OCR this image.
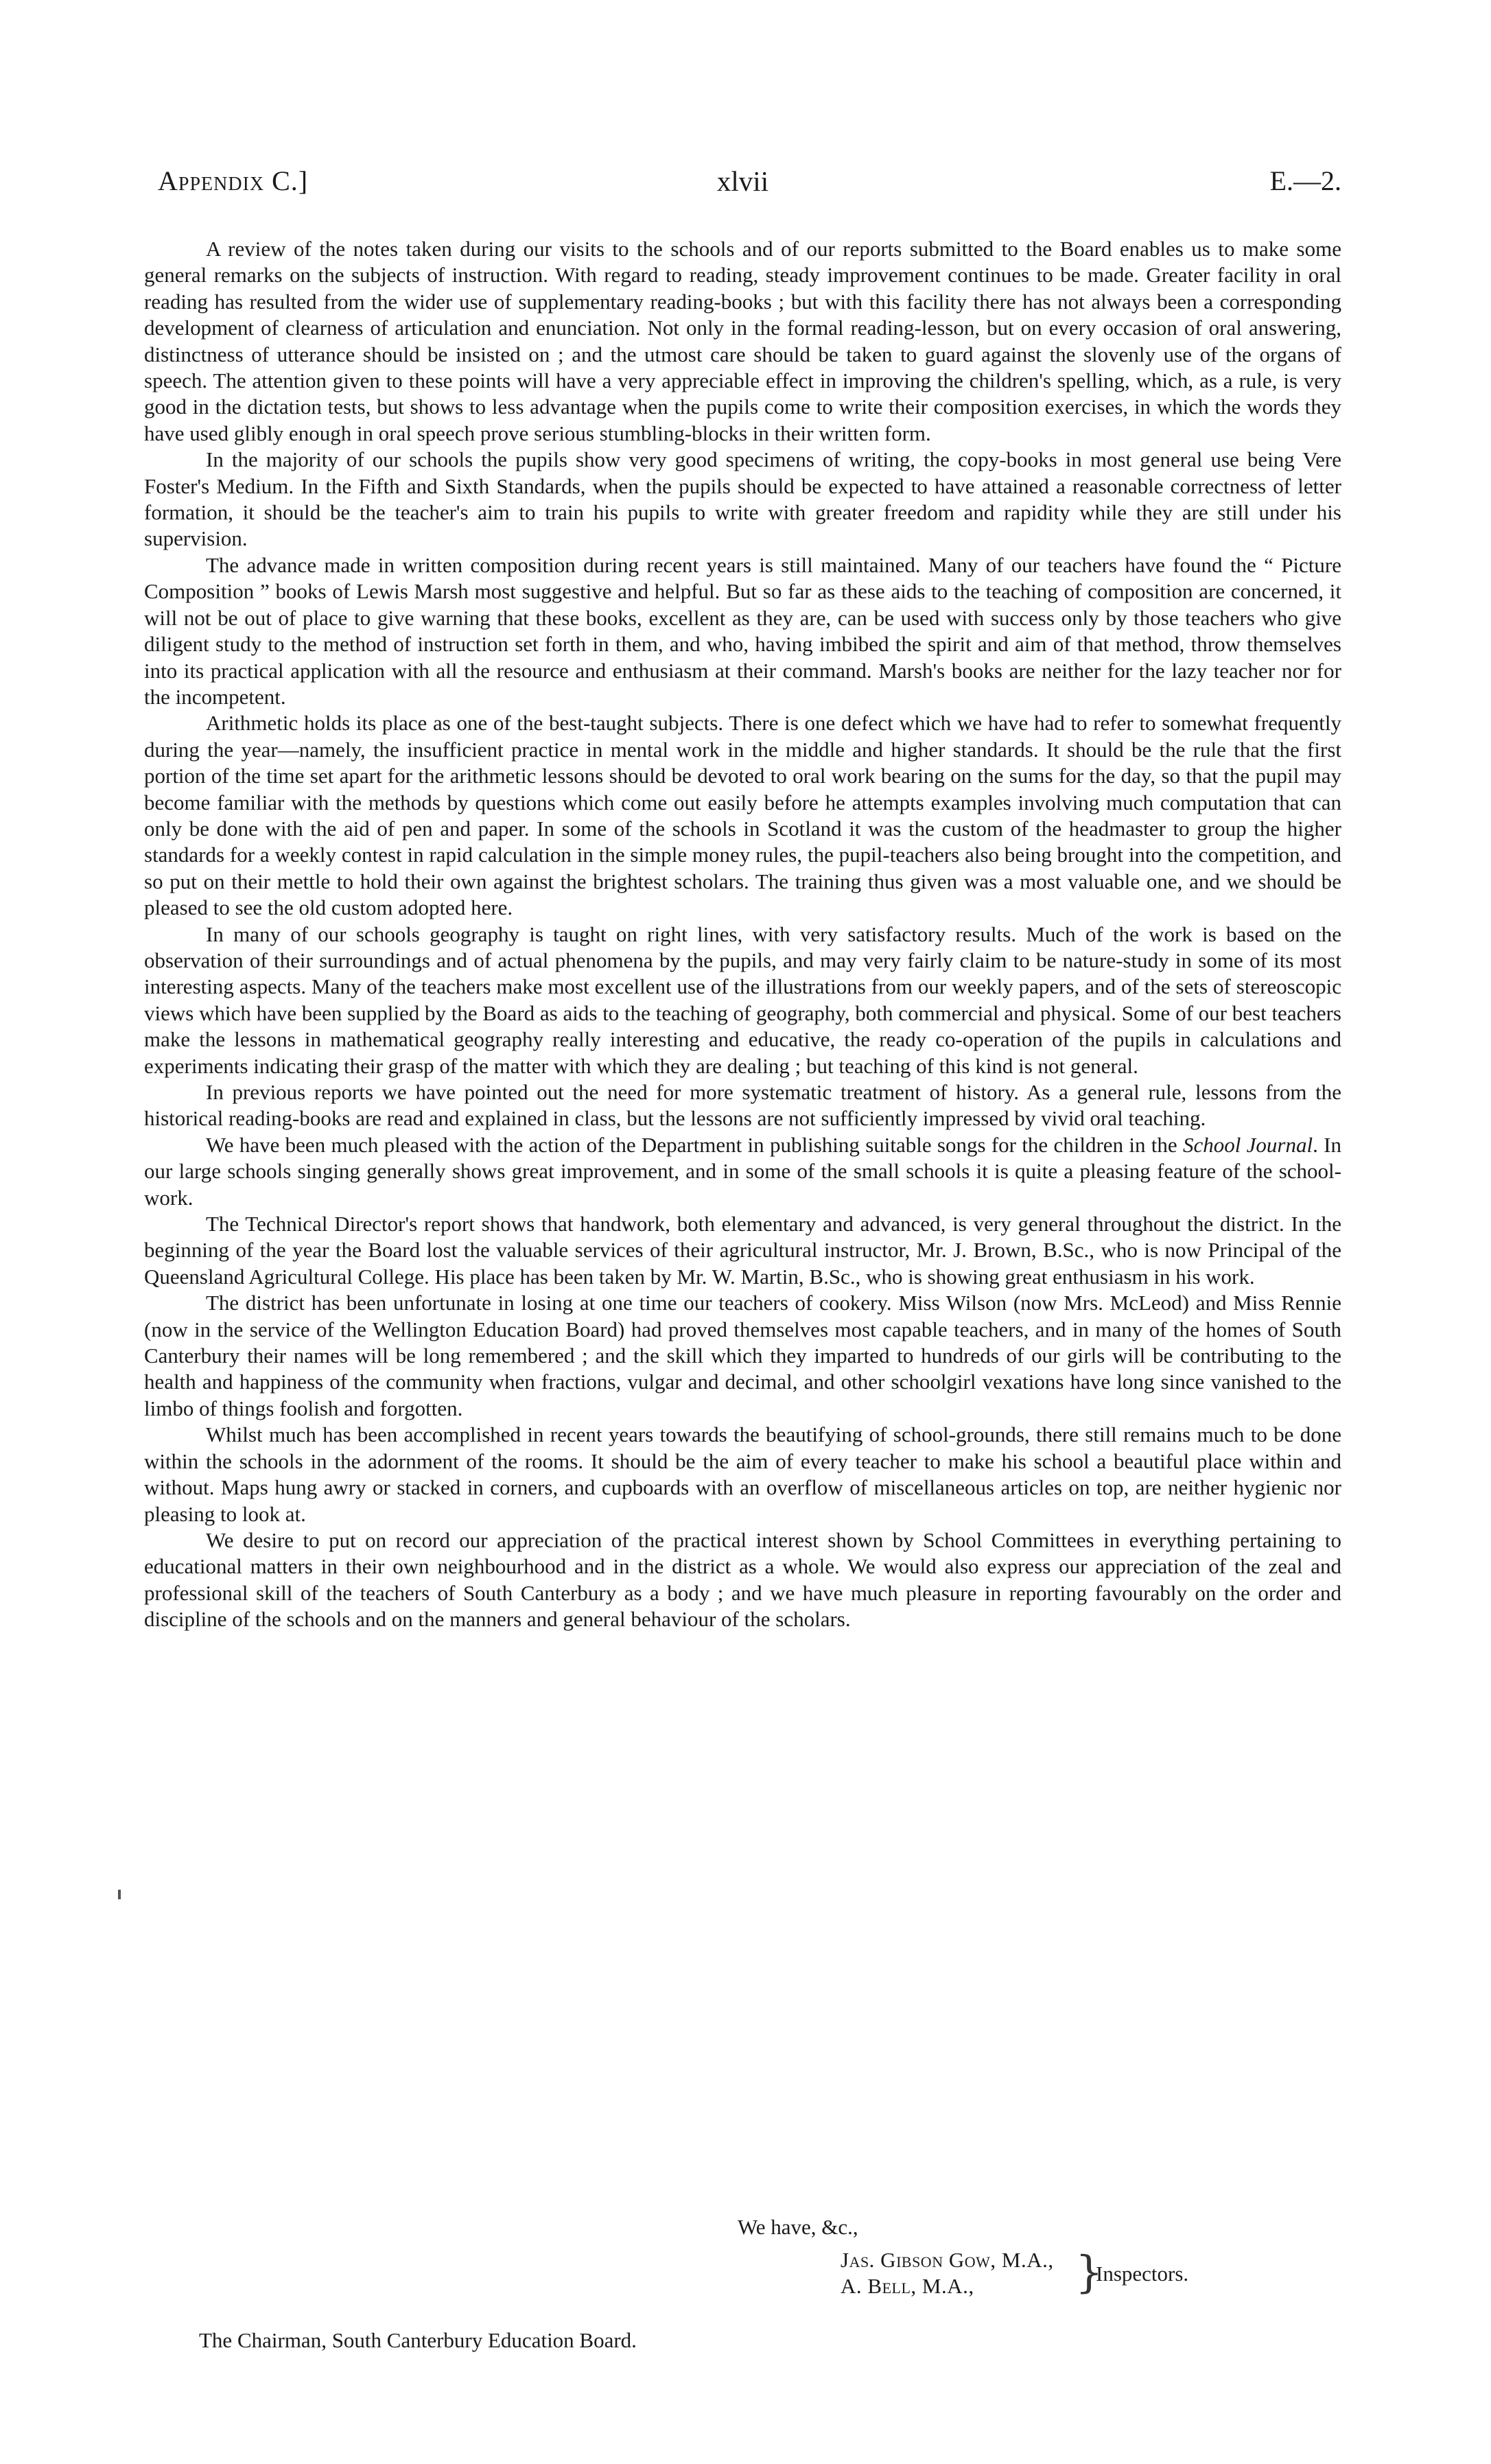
Appendix C.]	xlvii	E.—2.

A review of the notes taken during our visits to the schools and of our reports submitted to the Board enables us to make some general remarks on the subjects of instruction. With regard to reading, steady improvement continues to be made. Greater facility in oral reading has resulted from the wider use of supplementary reading-books ; but with this facility there has not always been a corresponding development of clearness of articulation and enunciation. Not only in the formal reading-lesson, but on every occasion of oral answering, distinctness of utterance should be insisted on ; and the utmost care should be taken to guard against the slovenly use of the organs of speech. The attention given to these points will have a very appreciable effect in improving the children's spelling, which, as a rule, is very good in the dictation tests, but shows to less advantage when the pupils come to write their composition exercises, in which the words they have used glibly enough in oral speech prove serious stumbling-blocks in their written form.

In the majority of our schools the pupils show very good specimens of writing, the copy-books in most general use being Vere Foster's Medium. In the Fifth and Sixth Standards, when the pupils should be expected to have attained a reasonable correctness of letter formation, it should be the teacher's aim to train his pupils to write with greater freedom and rapidity while they are still under his supervision.

The advance made in written composition during recent years is still maintained. Many of our teachers have found the “ Picture Composition ” books of Lewis Marsh most suggestive and helpful. But so far as these aids to the teaching of composition are concerned, it will not be out of place to give warning that these books, excellent as they are, can be used with success only by those teachers who give diligent study to the method of instruction set forth in them, and who, having imbibed the spirit and aim of that method, throw themselves into its practical application with all the resource and enthusiasm at their command. Marsh's books are neither for the lazy teacher nor for the incompetent.

Arithmetic holds its place as one of the best-taught subjects. There is one defect which we have had to refer to somewhat frequently during the year—namely, the insufficient practice in mental work in the middle and higher standards. It should be the rule that the first portion of the time set apart for the arithmetic lessons should be devoted to oral work bearing on the sums for the day, so that the pupil may become familiar with the methods by questions which come out easily before he attempts examples involving much computation that can only be done with the aid of pen and paper. In some of the schools in Scotland it was the custom of the headmaster to group the higher standards for a weekly contest in rapid calculation in the simple money rules, the pupil-teachers also being brought into the competition, and so put on their mettle to hold their own against the brightest scholars. The training thus given was a most valuable one, and we should be pleased to see the old custom adopted here.

In many of our schools geography is taught on right lines, with very satisfactory results. Much of the work is based on the observation of their surroundings and of actual phenomena by the pupils, and may very fairly claim to be nature-study in some of its most interesting aspects. Many of the teachers make most excellent use of the illustrations from our weekly papers, and of the sets of stereoscopic views which have been supplied by the Board as aids to the teaching of geography, both commercial and physical. Some of our best teachers make the lessons in mathematical geography really interesting and educative, the ready co-operation of the pupils in calculations and experiments indicating their grasp of the matter with which they are dealing ; but teaching of this kind is not general.

In previous reports we have pointed out the need for more systematic treatment of history. As a general rule, lessons from the historical reading-books are read and explained in class, but the lessons are not sufficiently impressed by vivid oral teaching.

We have been much pleased with the action of the Department in publishing suitable songs for the children in the School Journal. In our large schools singing generally shows great improvement, and in some of the small schools it is quite a pleasing feature of the school-work.

The Technical Director's report shows that handwork, both elementary and advanced, is very general throughout the district. In the beginning of the year the Board lost the valuable services of their agricultural instructor, Mr. J. Brown, B.Sc., who is now Principal of the Queensland Agricultural College. His place has been taken by Mr. W. Martin, B.Sc., who is showing great enthusiasm in his work.

The district has been unfortunate in losing at one time our teachers of cookery. Miss Wilson (now Mrs. McLeod) and Miss Rennie (now in the service of the Wellington Education Board) had proved themselves most capable teachers, and in many of the homes of South Canterbury their names will be long remembered ; and the skill which they imparted to hundreds of our girls will be contributing to the health and happiness of the community when fractions, vulgar and decimal, and other schoolgirl vexations have long since vanished to the limbo of things foolish and forgotten.

Whilst much has been accomplished in recent years towards the beautifying of school-grounds, there still remains much to be done within the schools in the adornment of the rooms. It should be the aim of every teacher to make his school a beautiful place within and without. Maps hung awry or stacked in corners, and cupboards with an overflow of miscellaneous articles on top, are neither hygienic nor pleasing to look at.

We desire to put on record our appreciation of the practical interest shown by School Committees in everything pertaining to educational matters in their own neighbourhood and in the district as a whole. We would also express our appreciation of the zeal and professional skill of the teachers of South Canterbury as a body ; and we have much pleasure in reporting favourably on the order and discipline of the schools and on the manners and general behaviour of the scholars.

We have, &c.,
Jas. Gibson Gow, M.A.,
A. Bell, M.A., }
Inspectors.
The Chairman, South Canterbury Education Board.
